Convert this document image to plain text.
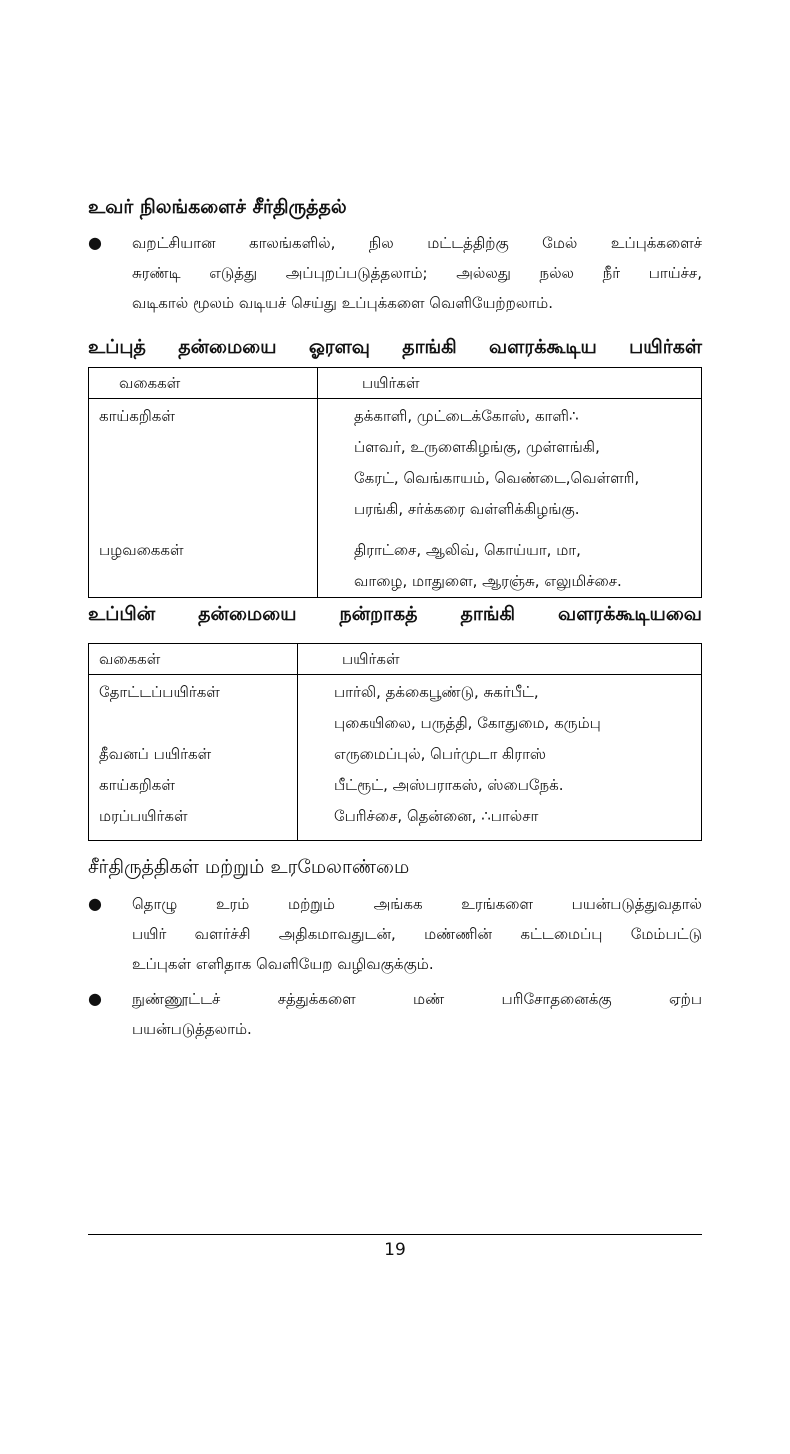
உவர் நிலங்களைச் சீர்திருத்தல்
● வறட்சியான காலங்களில், நில மட்டத்திற்கு மேல் உப்புக்களைச்
சுரண்டி எடுத்து அப்புறப்படுத்தலாம்; அல்லது நல்ல நீர் பாய்ச்ச,
வடிகால் மூலம் வடியச் செய்து உப்புக்களை வெளியேற்றலாம்.
உப்புத் தன்மையை ஓரளவு தாங்கி வளரக்கூடிய பயிர்கள்
வகைகள்	பயிர்கள்

காய்கறிகள்	தக்காளி, முட்டைக்கோஸ், காளி∴
ப்ளவர், உருளைகிழங்கு, முள்ளங்கி,
கேரட், வெங்காயம், வெண்டை,வெள்ளரி,
பரங்கி, சர்க்கரை வள்ளிக்கிழங்கு.

பழவகைகள்	திராட்சை, ஆலிவ், கொய்யா, மா,
வாழை, மாதுளை, ஆரஞ்சு, எலுமிச்சை.
உப்பின் தன்மையை நன்றாகத் தாங்கி வளரக்கூடியவை
வகைகள்	பயிர்கள்

தோட்டப்பயிர்கள்	பார்லி, தக்கைபூண்டு, சுகர்பீட்,
புகையிலை, பருத்தி, கோதுமை, கரும்பு

தீவனப் பயிர்கள்	எருமைப்புல், பெர்முடா கிராஸ்

காய்கறிகள்	பீட்ரூட், அஸ்பராகஸ், ஸ்பைநேக்.

மரப்பயிர்கள்	பேரிச்சை, தென்னை, ∴பால்சா
சீர்திருத்திகள் மற்றும் உரமேலாண்மை
● தொழு உரம் மற்றும் அங்கக உரங்களை பயன்படுத்துவதால்
பயிர் வளர்ச்சி அதிகமாவதுடன், மண்ணின் கட்டமைப்பு மேம்பட்டு
உப்புகள் எளிதாக வெளியேற வழிவகுக்கும்.
● நுண்ணூட்டச் சத்துக்களை மண் பரிசோதனைக்கு ஏற்ப
பயன்படுத்தலாம்.
19
